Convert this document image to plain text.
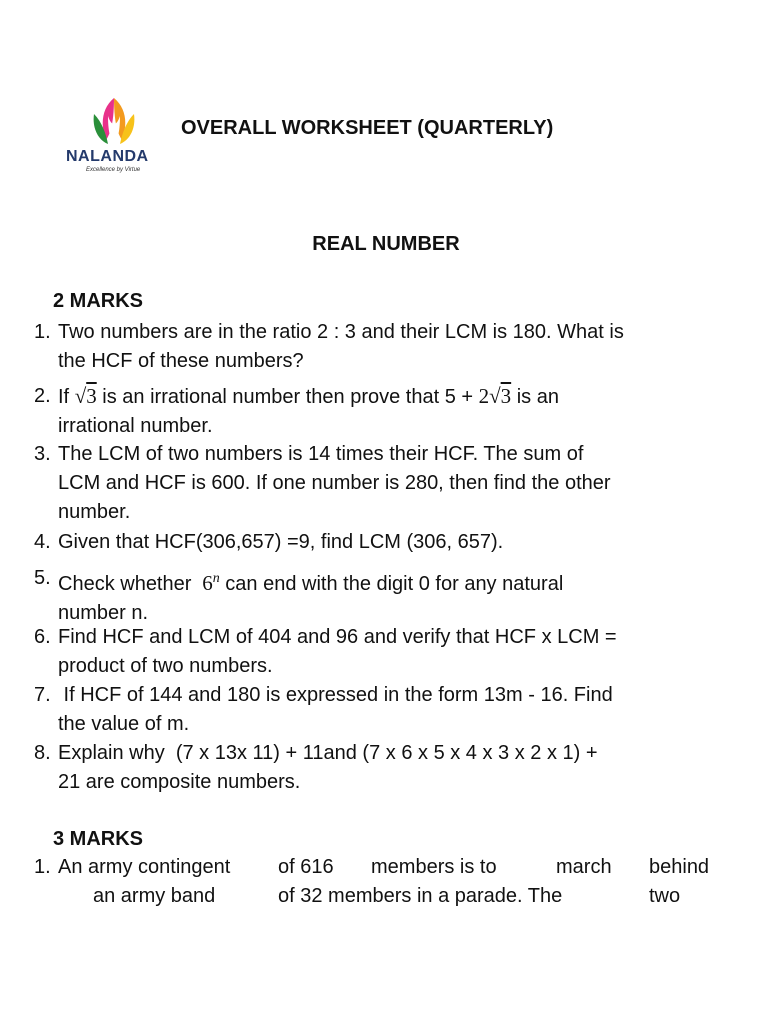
NALANDA
Excellence by Virtue
OVERALL WORKSHEET (QUARTERLY)
REAL NUMBER
2 MARKS
1. Two numbers are in the ratio 2 : 3 and their LCM is 180. What is
the HCF of these numbers?
2. If √3 is an irrational number then prove that 5 + 2√3 is an
irrational number.
3. The LCM of two numbers is 14 times their HCF. The sum of
LCM and HCF is 600. If one number is 280, then find the other
number.
4. Given that HCF(306,657) =9, find LCM (306, 657).
5. Check whether 6$^n$ can end with the digit 0 for any natural
number n.
6. Find HCF and LCM of 404 and 96 and verify that HCF x LCM =
product of two numbers.
7. If HCF of 144 and 180 is expressed in the form 13m - 16. Find
the value of m.
8. Explain why  (7 x 13x 11) + 11and (7 x 6 x 5 x 4 x 3 x 2 x 1) +
21 are composite numbers.
3 MARKS
1. An army contingent of 616 members is to	march behind
an army band	of 32 members in a parade. The	two
